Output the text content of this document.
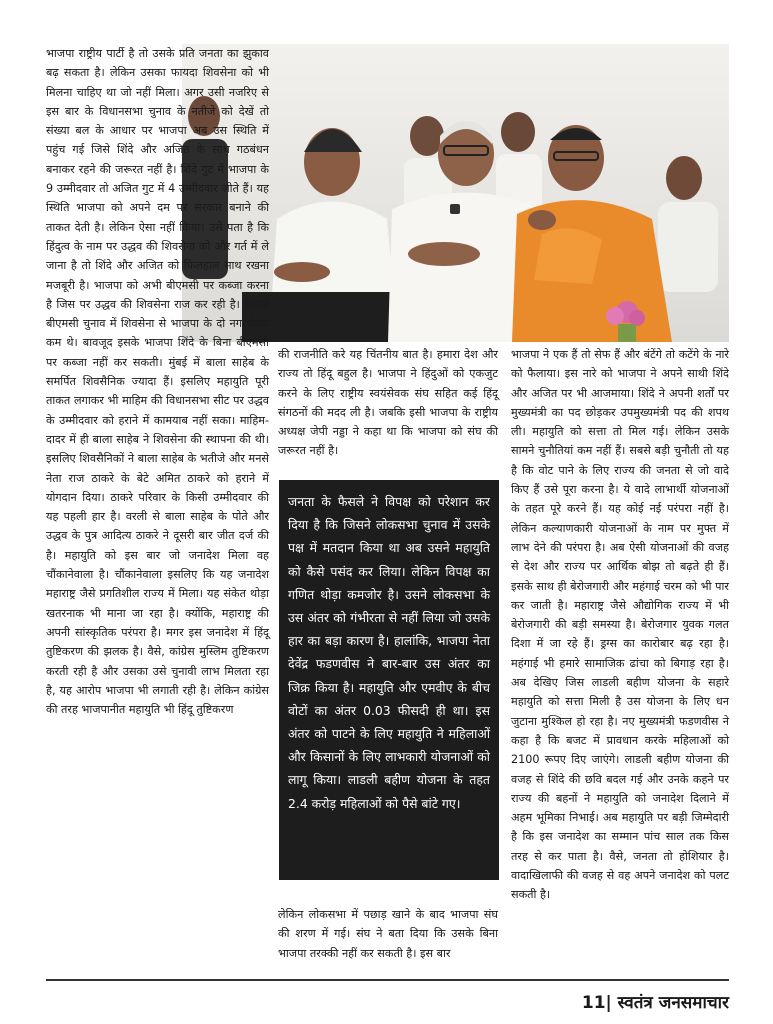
भाजपा राष्ट्रीय पार्टी है तो उसके प्रति जनता का झुकाव बढ़ सकता है। लेकिन उसका फायदा शिवसेना को भी मिलना चाहिए था जो नहीं मिला। अगर उसी नजरिए से इस बार के विधानसभा चुनाव के नतीजे को देखें तो संख्या बल के आधार पर भाजपा अब उस स्थिति में पहुंच गई जिसे शिंदे और अजित के साथ गठबंधन बनाकर रहने की जरूरत नहीं है। शिंदे गुट में भाजपा के 9 उम्मीदवार तो अजित गुट में 4 उम्मीदवार जीते हैं। यह स्थिति भाजपा को अपने दम पर सरकार बनाने की ताकत देती है। लेकिन ऐसा नहीं किया। उसे पता है कि हिंदुत्व के नाम पर उद्धव की शिवसेना को और गर्त में ले जाना है तो शिंदे और अजित को फिलहाल साथ रखना मजबूरी है। भाजपा को अभी बीएमसी पर कब्जा करना है जिस पर उद्धव की शिवसेना राज कर रही है। पिछले बीएमसी चुनाव में शिवसेना से भाजपा के दो नगरसेवक कम थे। बावजूद इसके भाजपा शिंदे के बिना बीएमसी पर कब्जा नहीं कर सकती। मुंबई में बाला साहेब के समर्पित शिवसैनिक ज्यादा हैं। इसलिए महायुति पूरी ताकत लगाकर भी माहिम की विधानसभा सीट पर उद्धव के उम्मीदवार को हराने में कामयाब नहीं सका। माहिम-दादर में ही बाला साहेब ने शिवसेना की स्थापना की थी। इसलिए शिवसैनिकों ने बाला साहेब के भतीजे और मनसे नेता राज ठाकरे के बेटे अमित ठाकरे को हराने में योगदान दिया। ठाकरे परिवार के किसी उम्मीदवार की यह पहली हार है। वरली से बाला साहेब के पोते और उद्धव के पुत्र आदित्य ठाकरे ने दूसरी बार जीत दर्ज की है। महायुति को इस बार जो जनादेश मिला वह चौंकानेवाला है। चौंकानेवाला इसलिए कि यह जनादेश महाराष्ट्र जैसे प्रगतिशील राज्य में मिला। यह संकेत थोड़ा खतरनाक भी माना जा रहा है। क्योंकि, महाराष्ट्र की अपनी सांस्कृतिक परंपरा है। मगर इस जनादेश में हिंदू तुष्टिकरण की झलक है। वैसे, कांग्रेस मुस्लिम तुष्टिकरण करती रही है और उसका उसे चुनावी लाभ मिलता रहा है, यह आरोप भाजपा भी लगाती रही है। लेकिन कांग्रेस की तरह भाजपानीत महायुति भी हिंदू तुष्टिकरण

की राजनीति करे यह चिंतनीय बात है। हमारा देश और राज्य तो हिंदू बहुल है। भाजपा ने हिंदुओं को एकजुट करने के लिए राष्ट्रीय स्वयंसेवक संघ सहित कई हिंदू संगठनों की मदद ली है। जबकि इसी भाजपा के राष्ट्रीय अध्यक्ष जेपी नड्डा ने कहा था कि भाजपा को संघ की जरूरत नहीं है।

जनता के फैसले ने विपक्ष को परेशान कर दिया है कि जिसने लोकसभा चुनाव में उसके पक्ष में मतदान किया था अब उसने महायुति को कैसे पसंद कर लिया। लेकिन विपक्ष का गणित थोड़ा कमजोर है। उसने लोकसभा के उस अंतर को गंभीरता से नहीं लिया जो उसके हार का बड़ा कारण है। हालांकि, भाजपा नेता देवेंद्र फडणवीस ने बार-बार उस अंतर का जिक्र किया है। महायुति और एमवीए के बीच वोटों का अंतर 0.03 फीसदी ही था। इस अंतर को पाटने के लिए महायुति ने महिलाओं और किसानों के लिए लाभकारी योजनाओं को लागू किया। लाडली बहीण योजना के तहत 2.4 करोड़ महिलाओं को पैसे बांटे गए।

लेकिन लोकसभा में पछाड़ खाने के बाद भाजपा संघ की शरण में गई। संघ ने बता दिया कि उसके बिना भाजपा तरक्की नहीं कर सकती है। इस बार

भाजपा ने एक हैं तो सेफ हैं और बंटेंगे तो कटेंगे के नारे को फैलाया। इस नारे को भाजपा ने अपने साथी शिंदे और अजित पर भी आजमाया। शिंदे ने अपनी शर्तों पर मुख्यमंत्री का पद छोड़कर उपमुख्यमंत्री पद की शपथ ली। महायुति को सत्ता तो मिल गई। लेकिन उसके सामने चुनौतियां कम नहीं हैं। सबसे बड़ी चुनौती तो यह है कि वोट पाने के लिए राज्य की जनता से जो वादे किए हैं उसे पूरा करना है। ये वादे लाभार्थी योजनाओं के तहत पूरे करने हैं। यह कोई नई परंपरा नहीं है। लेकिन कल्याणकारी योजनाओं के नाम पर मुफ्त में लाभ देने की परंपरा है। अब ऐसी योजनाओं की वजह से देश और राज्य पर आर्थिक बोझ तो बढ़ते ही हैं। इसके साथ ही बेरोजगारी और महंगाई चरम को भी पार कर जाती है। महाराष्ट्र जैसे औद्योगिक राज्य में भी बेरोजगारी की बड़ी समस्या है। बेरोजगार युवक गलत दिशा में जा रहे हैं। ड्रग्स का कारोबार बढ़ रहा है। महंगाई भी हमारे सामाजिक ढांचा को बिगाड़ रहा है। अब देखिए जिस लाडली बहीण योजना के सहारे महायुति को सत्ता मिली है उस योजना के लिए धन जुटाना मुश्किल हो रहा है। नए मुख्यमंत्री फडणवीस ने कहा है कि बजट में प्रावधान करके महिलाओं को 2100 रूपए दिए जाएंगे। लाडली बहीण योजना की वजह से शिंदे की छवि बदल गई और उनके कहने पर राज्य की बहनों ने महायुति को जनादेश दिलाने में अहम भूमिका निभाई। अब महायुति पर बड़ी जिम्मेदारी है कि इस जनादेश का सम्मान पांच साल तक किस तरह से कर पाता है। वैसे, जनता तो होशियार है। वादाखिलाफी की वजह से वह अपने जनादेश को पलट सकती है।

11| स्वतंत्र जनसमाचार
